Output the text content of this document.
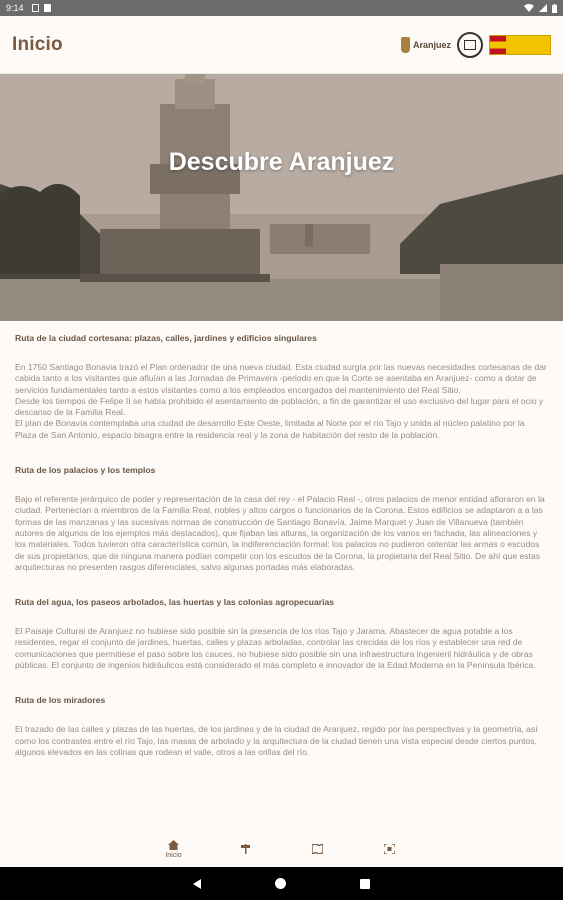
9:14
Inicio	Aranjuez
Descubre Aranjuez
Ruta de la ciudad cortesana: plazas, calles, jardines y edificios singulares

En 1750 Santiago Bonavia trazó el Plan ordenador de una nueva ciudad. Esta ciudad surgía por las nuevas necesidades cortesanas de dar cabida tanto a los visitantes que afluían a las Jornadas de Primavera -periodo en que la Corte se asentaba en Aranjuez- como a dotar de servicios fundamentales tanto a estos visitantes como a los empleados encargados del mantenimiento del Real Sitio.

Desde los tiempos de Felipe II se había prohibido el asentamiento de población, a fin de garantizar el uso exclusivo del lugar para el ocio y descanso de la Familia Real.

El plan de Bonavía contemplaba una ciudad de desarrollo Este Oeste, limitada al Norte por el río Tajo y unida al núcleo palatino por la Plaza de San Antonio, espacio bisagra entre la residencia real y la zona de habitación del resto de la población.

Ruta de los palacios y los templos

Bajo el referente jerárquico de poder y representación de la casa del rey - el Palacio Real -, otros palacios de menor entidad afloraron en la ciudad. Pertenecían a miembros de la Familia Real, nobles y altos cargos o funcionarios de la Corona. Estos edificios se adaptaron a a las formas de las manzanas y las sucesivas normas de construcción de Santiago Bonavía, Jaime Marquet y Juan de Villanueva (también autores de algunos de los ejemplos más destacados), que fijaban las alturas, la organización de los vanos en fachada, las alineaciones y los materiales. Todos tuvieron otra característica común, la indiferenciación formal: los palacios no pudieron ostentar las armas o escudos de sus propietarios, que de ninguna manera podían competir con los escudos de la Corona, la propietaria del Real Sitio. De ahí que estas arquitecturas no presenten rasgos diferenciales, salvo algunas portadas más elaboradas.

Ruta del agua, los paseos arbolados, las huertas y las colonias agropecuarias

El Paisaje Cultural de Aranjuez no hubiese sido posible sin la presencia de los ríos Tajo y Jarama. Abastecer de agua potable a los residentes, regar el conjunto de jardines, huertas, calles y plazas arboladas, controlar las crecidas de los ríos y establecer una red de comunicaciones que permitiese el paso sobre los cauces, no hubiese sido posible sin una infraestructura ingenieril hidráulica y de obras públicas. El conjunto de ingenios hidráulicos está considerado el más completo e innovador de la Edad Moderna en la Península Ibérica.

Ruta de los miradores

El trazado de las calles y plazas de las huertas, de los jardines y de la ciudad de Aranjuez, regido por las perspectivas y la geometría, así como los contrastes entre el río Tajo, las masas de arbolado y la arquitectura de la ciudad tienen una vista especial desde ciertos puntos, algunos elevados en las colinas que rodean el valle, otros a las orillas del río.

Inicio
